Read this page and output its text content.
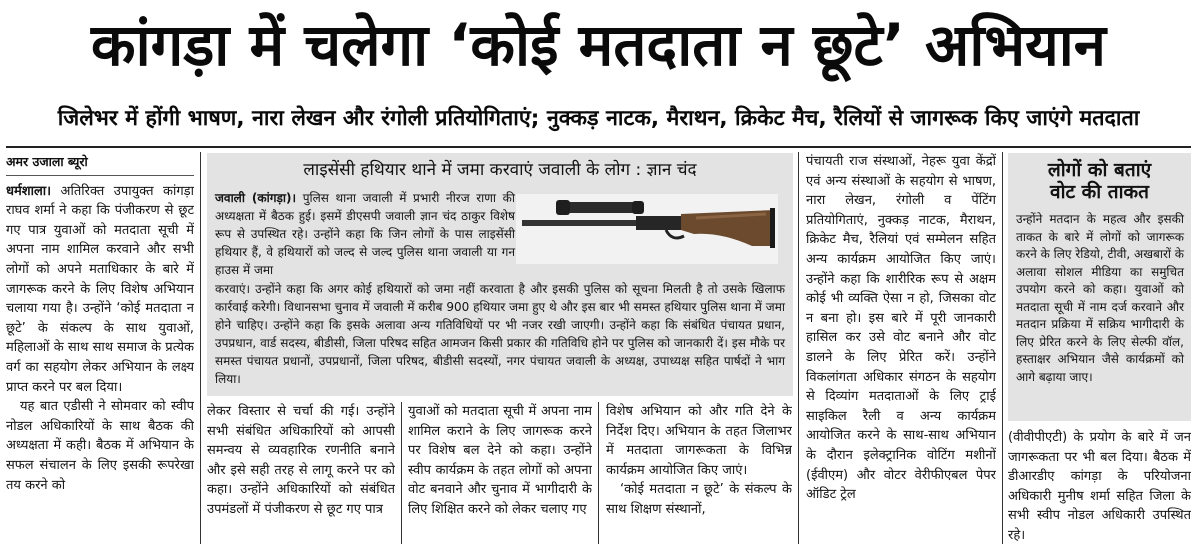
कांगड़ा में चलेगा ‘कोई मतदाता न छूटे’ अभियान
जिलेभर में होंगी भाषण, नारा लेखन और रंगोली प्रतियोगिताएं; नुक्कड़ नाटक, मैराथन, क्रिकेट मैच, रैलियों से जागरूक किए जाएंगे मतदाता
अमर उजाला ब्यूरो

धर्मशाला। अतिरिक्त उपायुक्त कांगड़ा राघव शर्मा ने कहा कि पंजीकरण से छूट गए पात्र युवाओं को मतदाता सूची में अपना नाम शामिल करवाने और सभी लोगों को अपने मताधिकार के बारे में जागरूक करने के लिए विशेष अभियान चलाया गया है। उन्होंने ‘कोई मतदाता न छूटे’ के संकल्प के साथ युवाओं, महिलाओं के साथ साथ समाज के प्रत्येक वर्ग का सहयोग लेकर अभियान के लक्ष्य प्राप्त करने पर बल दिया।

यह बात एडीसी ने सोमवार को स्वीप नोडल अधिकारियों के साथ बैठक की अध्यक्षता में कही। बैठक में अभियान के सफल संचालन के लिए इसकी रूपरेखा तय करने को

लाइसेंसी हथियार थाने में जमा करवाएं जवाली के लोग : ज्ञान चंद
जवाली (कांगड़ा)। पुलिस थाना जवाली में प्रभारी नीरज राणा की अध्यक्षता में बैठक हुई। इसमें डीएसपी जवाली ज्ञान चंद ठाकुर विशेष रूप से उपस्थित रहे। उन्होंने कहा कि जिन लोगों के पास लाइसेंसी हथियार हैं, वे हथियारों को जल्द से जल्द पुलिस थाना जवाली या गन हाउस में जमा
करवाएं। उन्होंने कहा कि अगर कोई हथियारों को जमा नहीं करवाता है और इसकी पुलिस को सूचना मिलती है तो उसके खिलाफ कार्रवाई करेगी। विधानसभा चुनाव में जवाली में करीब 900 हथियार जमा हुए थे और इस बार भी समस्त हथियार पुलिस थाना में जमा होने चाहिए। उन्होंने कहा कि इसके अलावा अन्य गतिविधियों पर भी नजर रखी जाएगी। उन्होंने कहा कि संबंधित पंचायत प्रधान, उपप्रधान, वार्ड सदस्य, बीडीसी, जिला परिषद सहित आमजन किसी प्रकार की गतिविधि होने पर पुलिस को जानकारी दें। इस मौके पर समस्त पंचायत प्रधानों, उपप्रधानों, जिला परिषद, बीडीसी सदस्यों, नगर पंचायत जवाली के अध्यक्ष, उपाध्यक्ष सहित पार्षदों ने भाग लिया।
लेकर विस्तार से चर्चा की गई। उन्होंने सभी संबंधित अधिकारियों को आपसी समन्वय से व्यवहारिक रणनीति बनाने और इसे सही तरह से लागू करने पर को कहा। उन्होंने अधिकारियों को संबंधित उपमंडलों में पंजीकरण से छूट गए पात्र
युवाओं को मतदाता सूची में अपना नाम शामिल कराने के लिए जागरूक करने पर विशेष बल देने को कहा। उन्होंने स्वीप कार्यक्रम के तहत लोगों को अपना वोट बनवाने और चुनाव में भागीदारी के लिए शिक्षित करने को लेकर चलाए गए

विशेष अभियान को और गति देने के निर्देश दिए। अभियान के तहत जिलाभर में मतदाता जागरूकता के विभिन्न कार्यक्रम आयोजित किए जाएं।

‘कोई मतदाता न छूटे’ के संकल्प के साथ शिक्षण संस्थानों,

पंचायती राज संस्थाओं, नेहरू युवा केंद्रों एवं अन्य संस्थाओं के सहयोग से भाषण, नारा लेखन, रंगोली व पेंटिंग प्रतियोगिताएं, नुक्कड़ नाटक, मैराथन, क्रिकेट मैच, रैलियां एवं सम्मेलन सहित अन्य कार्यक्रम आयोजित किए जाएं। उन्होंने कहा कि शारीरिक रूप से अक्षम कोई भी व्यक्ति ऐसा न हो, जिसका वोट न बना हो। इस बारे में पूरी जानकारी हासिल कर उसे वोट बनाने और वोट डालने के लिए प्रेरित करें। उन्होंने विकलांगता अधिकार संगठन के सहयोग से दिव्यांग मतदाताओं के लिए ट्राई साइकिल रैली व अन्य कार्यक्रम आयोजित करने के साथ-साथ अभियान के दौरान इलेक्ट्रानिक वोटिंग मशीनों (ईवीएम) और वोटर वेरीफीएबल पेपर ऑडिट ट्रेल
लोगों को बताएं
वोट की ताकत
उन्होंने मतदान के महत्व और इसकी ताकत के बारे में लोगों को जागरूक करने के लिए रेडियो, टीवी, अखबारों के अलावा सोशल मीडिया का समुचित उपयोग करने को कहा। युवाओं को मतदाता सूची में नाम दर्ज करवाने और मतदान प्रक्रिया में सक्रिय भागीदारी के लिए प्रेरित करने के लिए सेल्फी वॉल, हस्ताक्षर अभियान जैसे कार्यक्रमों को आगे बढ़ाया जाए।
(वीवीपीएटी) के प्रयोग के बारे में जन जागरूकता पर भी बल दिया। बैठक में डीआरडीए कांगड़ा के परियोजना अधिकारी मुनीष शर्मा सहित जिला के सभी स्वीप नोडल अधिकारी उपस्थित रहे।
